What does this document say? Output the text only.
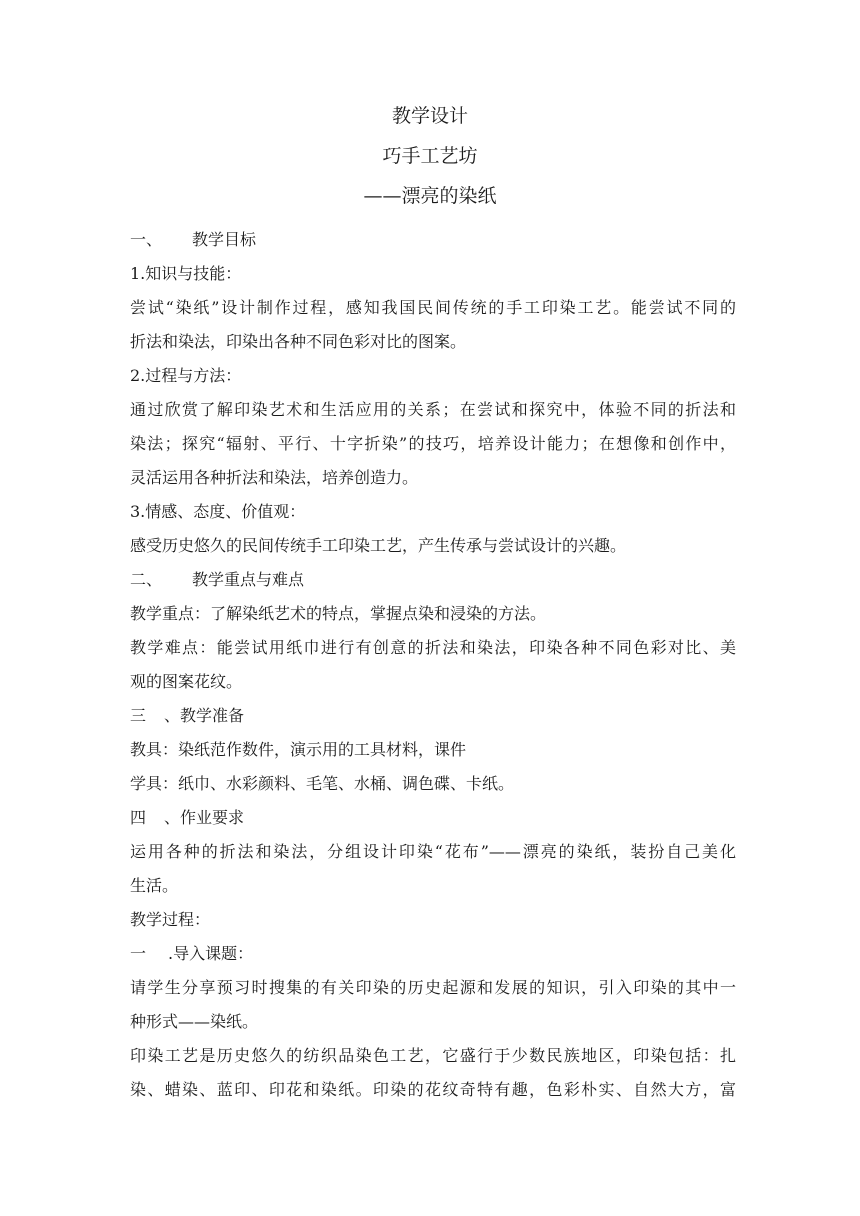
教学设计
巧手工艺坊
——漂亮的染纸
一、 教学目标
1.知识与技能：
尝试“染纸”设计制作过程，感知我国民间传统的手工印染工艺。能尝试不同的
折法和染法，印染出各种不同色彩对比的图案。
2.过程与方法：
通过欣赏了解印染艺术和生活应用的关系；在尝试和探究中，体验不同的折法和
染法；探究“辐射、平行、十字折染”的技巧，培养设计能力；在想像和创作中，
灵活运用各种折法和染法，培养创造力。
3.情感、态度、价值观：
感受历史悠久的民间传统手工印染工艺，产生传承与尝试设计的兴趣。
二、 教学重点与难点
教学重点：了解染纸艺术的特点，掌握点染和浸染的方法。
教学难点：能尝试用纸巾进行有创意的折法和染法，印染各种不同色彩对比、美
观的图案花纹。
三 、教学准备
教具：染纸范作数件，演示用的工具材料，课件
学具：纸巾、水彩颜料、毛笔、水桶、调色碟、卡纸。
四 、作业要求
运用各种的折法和染法，分组设计印染“花布”——漂亮的染纸，装扮自己美化
生活。
教学过程：
一 .导入课题：
请学生分享预习时搜集的有关印染的历史起源和发展的知识，引入印染的其中一
种形式——染纸。
印染工艺是历史悠久的纺织品染色工艺，它盛行于少数民族地区，印染包括：扎
染、蜡染、蓝印、印花和染纸。印染的花纹奇特有趣，色彩朴实、自然大方，富
